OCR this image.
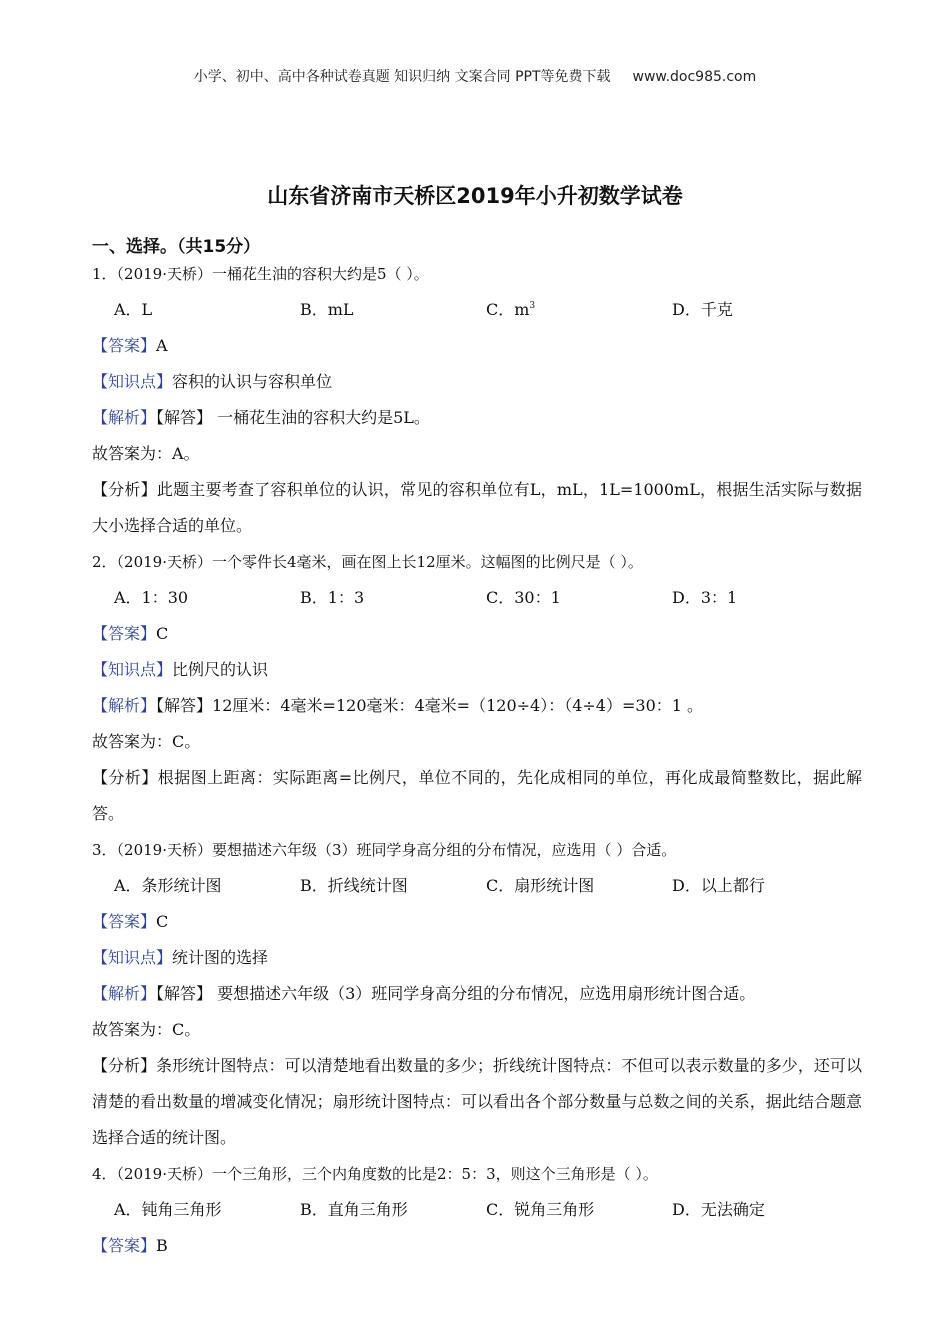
小学、初中、高中各种试卷真题 知识归纳 文案合同 PPT等免费下载 www.doc985.com
山东省济南市天桥区2019年小升初数学试卷
一、选择。（共15分）
1．（2019·天桥）一桶花生油的容积大约是5（ ）。
A．L	B．mL	C．$m^3$	D．千克
【答案】A
【知识点】容积的认识与容积单位
【解析】【解答】 一桶花生油的容积大约是5L。
故答案为：A。
【分析】此题主要考查了容积单位的认识，常见的容积单位有L，mL，1L=1000mL，根据生活实际与数据大小选择合适的单位。
2．（2019·天桥）一个零件长4毫米，画在图上长12厘米。这幅图的比例尺是（ ）。
A．1：30	B．1：3	C．30：1	D．3：1
【答案】C
【知识点】比例尺的认识
【解析】【解答】12厘米：4毫米=120毫米：4毫米=（120÷4）：（4÷4）=30：1 。
故答案为：C。
【分析】根据图上距离：实际距离=比例尺，单位不同的，先化成相同的单位，再化成最简整数比，据此解答。
3．（2019·天桥）要想描述六年级（3）班同学身高分组的分布情况，应选用（ ）合适。
A．条形统计图	B．折线统计图	C．扇形统计图	D．以上都行
【答案】C
【知识点】统计图的选择
【解析】【解答】 要想描述六年级（3）班同学身高分组的分布情况，应选用扇形统计图合适。
故答案为：C。
【分析】条形统计图特点：可以清楚地看出数量的多少；折线统计图特点：不但可以表示数量的多少，还可以清楚的看出数量的增减变化情况；扇形统计图特点：可以看出各个部分数量与总数之间的关系，据此结合题意选择合适的统计图。
4．（2019·天桥）一个三角形，三个内角度数的比是2：5：3，则这个三角形是（ ）。
A．钝角三角形	B．直角三角形	C．锐角三角形	D．无法确定
【答案】B
